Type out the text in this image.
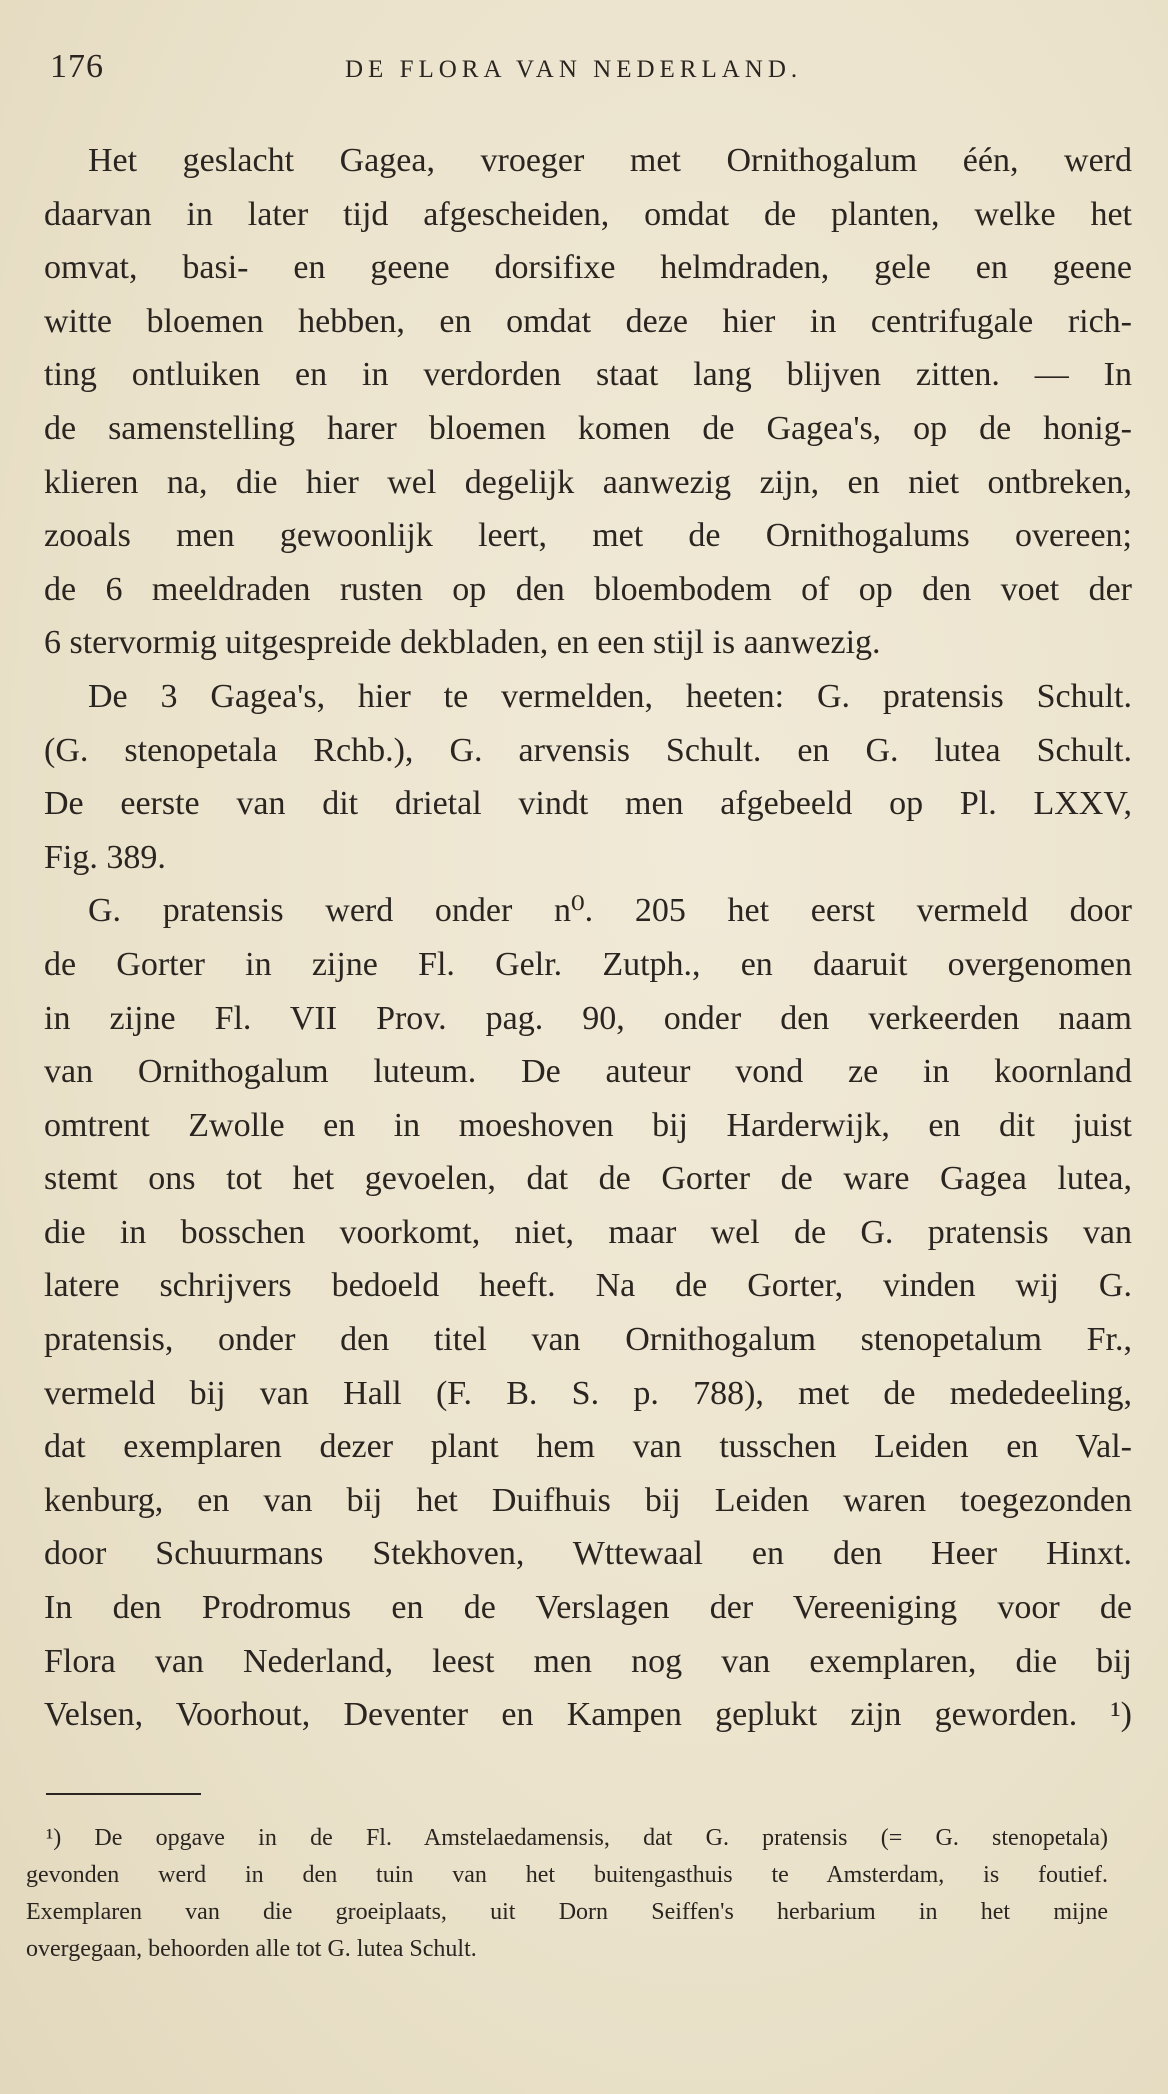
176	DE FLORA VAN NEDERLAND.
Het geslacht Gagea, vroeger met Ornithogalum één, werd
daarvan in later tijd afgescheiden, omdat de planten, welke het
omvat, basi- en geene dorsifixe helmdraden, gele en geene
witte bloemen hebben, en omdat deze hier in centrifugale rich-
ting ontluiken en in verdorden staat lang blijven zitten. — In
de samenstelling harer bloemen komen de Gagea's, op de honig-
klieren na, die hier wel degelijk aanwezig zijn, en niet ontbreken,
zooals men gewoonlijk leert, met de Ornithogalums overeen;
de 6 meeldraden rusten op den bloembodem of op den voet der
6 stervormig uitgespreide dekbladen, en een stijl is aanwezig.
De 3 Gagea's, hier te vermelden, heeten: G. pratensis Schult.
(G. stenopetala Rchb.), G. arvensis Schult. en G. lutea Schult.
De eerste van dit drietal vindt men afgebeeld op Pl. LXXV,
Fig. 389.
G. pratensis werd onder n⁰. 205 het eerst vermeld door
de Gorter in zijne Fl. Gelr. Zutph., en daaruit overgenomen
in zijne Fl. VII Prov. pag. 90, onder den verkeerden naam
van Ornithogalum luteum. De auteur vond ze in koornland
omtrent Zwolle en in moeshoven bij Harderwijk, en dit juist
stemt ons tot het gevoelen, dat de Gorter de ware Gagea lutea,
die in bosschen voorkomt, niet, maar wel de G. pratensis van
latere schrijvers bedoeld heeft. Na de Gorter, vinden wij G.
pratensis, onder den titel van Ornithogalum stenopetalum Fr.,
vermeld bij van Hall (F. B. S. p. 788), met de mededeeling,
dat exemplaren dezer plant hem van tusschen Leiden en Val-
kenburg, en van bij het Duifhuis bij Leiden waren toegezonden
door Schuurmans Stekhoven, Wttewaal en den Heer Hinxt.
In den Prodromus en de Verslagen der Vereeniging voor de
Flora van Nederland, leest men nog van exemplaren, die bij
Velsen, Voorhout, Deventer en Kampen geplukt zijn geworden. ¹)
¹) De opgave in de Fl. Amstelaedamensis, dat G. pratensis (= G. stenopetala)
gevonden werd in den tuin van het buitengasthuis te Amsterdam, is foutief.
Exemplaren van die groeiplaats, uit Dorn Seiffen's herbarium in het mijne
overgegaan, behoorden alle tot G. lutea Schult.
